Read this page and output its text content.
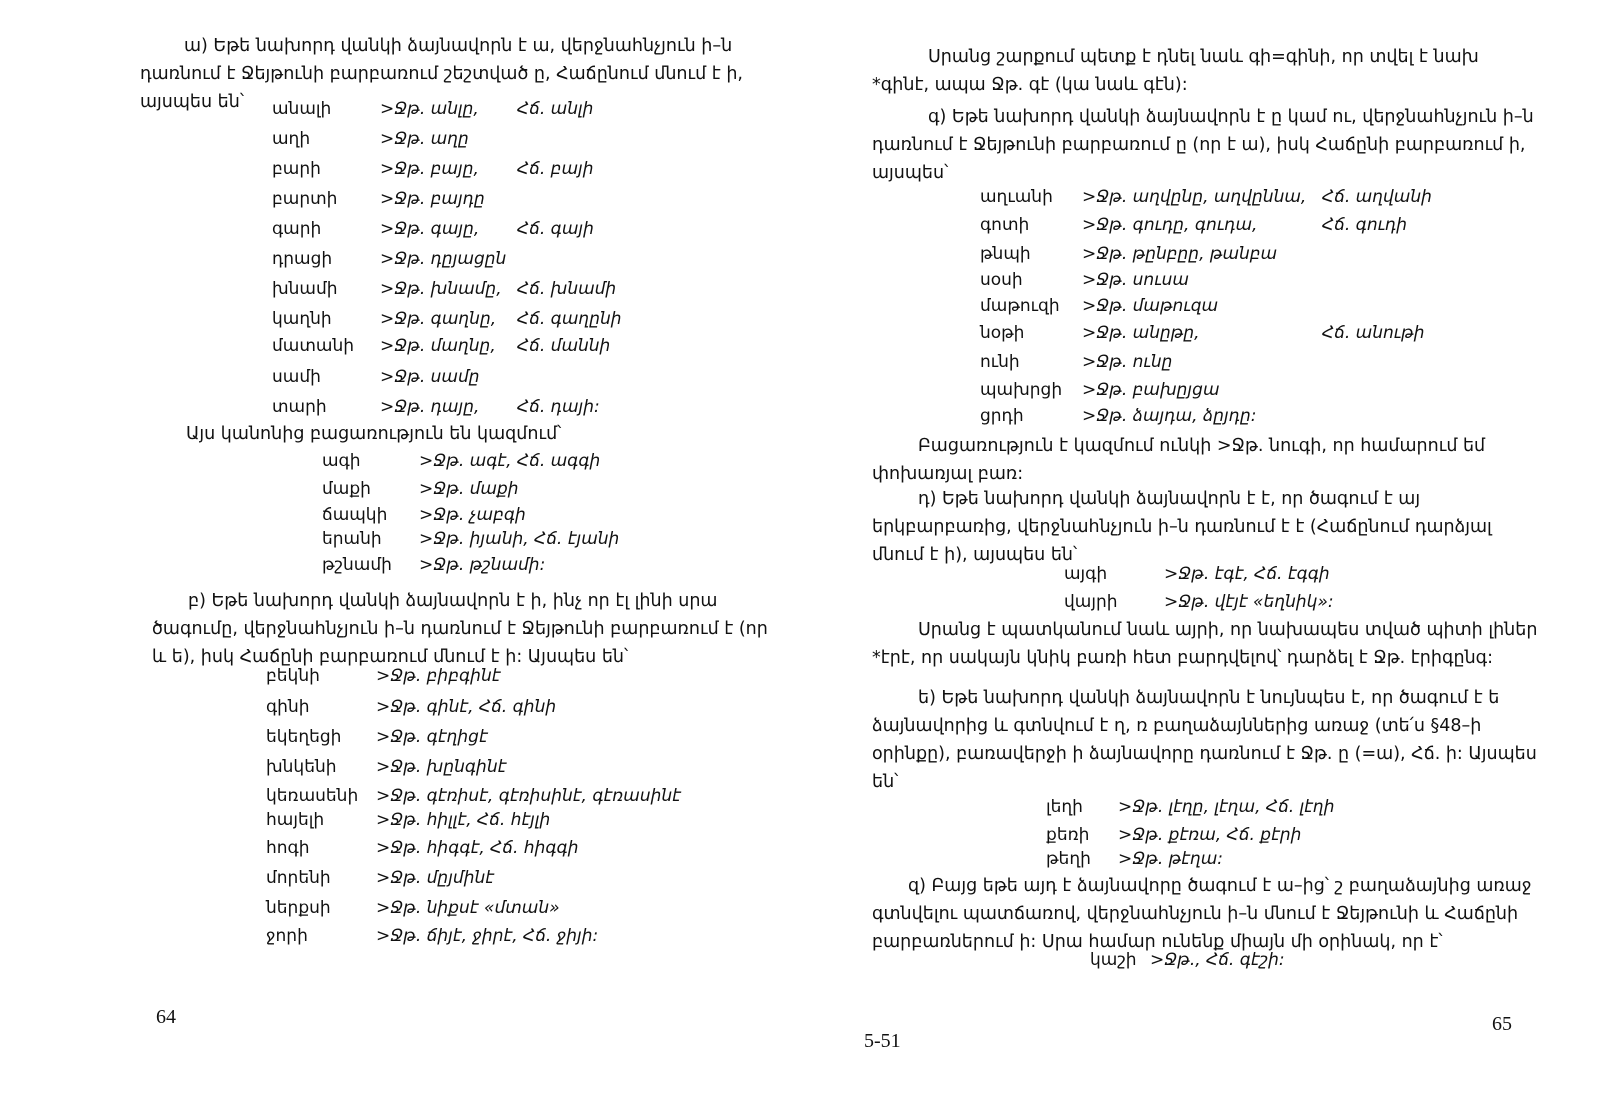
ա) Եթե նախորդ վանկի ձայնավորն է ա, վերջնահնչյուն ի–ն դառնում է Ջեյթունի բարբառում շեշտված ը, Հաճընում մնում է ի, այսպես են՝	անալի	>Ջթ. անլը, Հճ. անլի
աղի	>Ջթ. աղը
բարի	>Ջթ. բայը, Հճ. բայի
բարտի	>Ջթ. բայդը
գարի	>Ջթ. գայը, Հճ. գայի
դրացի	>Ջթ. դըյացըն
խնամի >Ջթ. խնամը, Հճ. խնամի
կաղնի	>Ջթ. գաղնը, Հճ. գաղընի
մատանի >Ջթ. մաղնը, Հճ. մաննի
սամի	>Ջթ. սամը
տարի	>Ջթ. դայը, Հճ. դայի:

Այս կանոնից բացառություն են կազմում՝

ագի	>Ջթ. ագէ, Հճ. ագգի
մաքի	>Ջթ. մաքի
ճապկի >Ջթ. չաբգի
երանի >Ջթ. իյանի, Հճ. էյանի
թշնամի >Ջթ. թշնամի:

բ) Եթե նախորդ վանկի ձայնավորն է ի, ինչ որ էլ լինի սրա ծագումը, վերջնահնչյուն ի–ն դառնում է Ջեյթունի բարբառում է (որ և ե), իսկ Հաճընի բարբառում մնում է ի: Այսպես են՝

բեկնի	>Ջթ. բիբգինէ
գինի	>Ջթ. գինէ, Հճ. գինի
եկեղեցի >Ջթ. գէղիցէ
խնկենի >Ջթ. խընգինէ
կեռասենի >Ջթ. գէռիսէ, գէռիսինէ, գէռասինէ
հայելի	>Ջթ. հիլլէ, Հճ. հէյլի
հոգի	>Ջթ. հիգգէ, Հճ. հիգգի
մորենի	>Ջթ. մըյմինէ
ներքսի	>Ջթ. նիքսէ «մտան»
ջորի	>Ջթ. ճիյէ, ջիրէ, Հճ. ջիյի:
64

Սրանց շարքում պետք է դնել նաև գի=գինի, որ տվել է նախ *գինէ, ապա Ջթ. գէ (կա նաև գէն):

գ) Եթե նախորդ վանկի ձայնավորն է ը կամ ու, վերջնահնչյուն ի–ն դառնում է Ջեյթունի բարբառում ը (որ է ա), իսկ Հաճընի բարբառում ի, այսպես՝

աղւանի >Ջթ. աղվընը, աղվըննա, Հճ. աղվանի
գոտի	>Ջթ. գուդը, գուդա,	Հճ. գուդի
թնպի	>Ջթ. թընբըը, թանբա
սօսի	>Ջթ. սուսա
մաթուզի >Ջթ. մաթուզա
նօթի	>Ջթ. անըթը,	Հճ. անութի
ունի	>Ջթ. ունը
պախրցի >Ջթ. բախըյցա
ցրդի	>Ջթ. ձայդա, ձըյդը:

Բացառություն է կազմում ունկի >Ջթ. նուգի, որ համարում եմ փոխառյալ բառ:

դ) Եթե նախորդ վանկի ձայնավորն է է, որ ծագում է այ երկբարբառից, վերջնահնչյուն ի–ն դառնում է է (Հաճընում դարձյալ մնում է ի), այսպես են՝

այգի	>Ջթ. էգէ, Հճ. էգգի
վայրի	>Ջթ. վէյէ «եղնիկ»:

Սրանց է պատկանում նաև այրի, որ նախապես տված պիտի լիներ *էրէ, որ սակայն կնիկ բառի հետ բարդվելով՝ դարձել է Ջթ. էրիգընգ:

ե) Եթե նախորդ վանկի ձայնավորն է նույնպես է, որ ծագում է ե ձայնավորից և գտնվում է ղ, ռ բաղաձայններից առաջ (տե՛ս §48–ի օրինքը), բառավերջի ի ձայնավորը դառնում է Ջթ. ը (=ա), Հճ. ի: Այսպես են՝

լեղի >Ջթ. լէղը, լէղա, Հճ. լէղի
քեռի >Ջթ. քէռա, Հճ. քէրի
թեղի >Ջթ. թէղա:

զ) Բայց եթե այդ է ձայնավորը ծագում է ա–ից՝ շ բաղաձայնից առաջ գտնվելու պատճառով, վերջնահնչյուն ի–ն մնում է Ջեյթունի և Հաճընի բարբառներում ի: Սրա համար ունենք միայն մի օրինակ, որ է՝

կաշի >Ջթ., Հճ. գէշի:
5-51
65
